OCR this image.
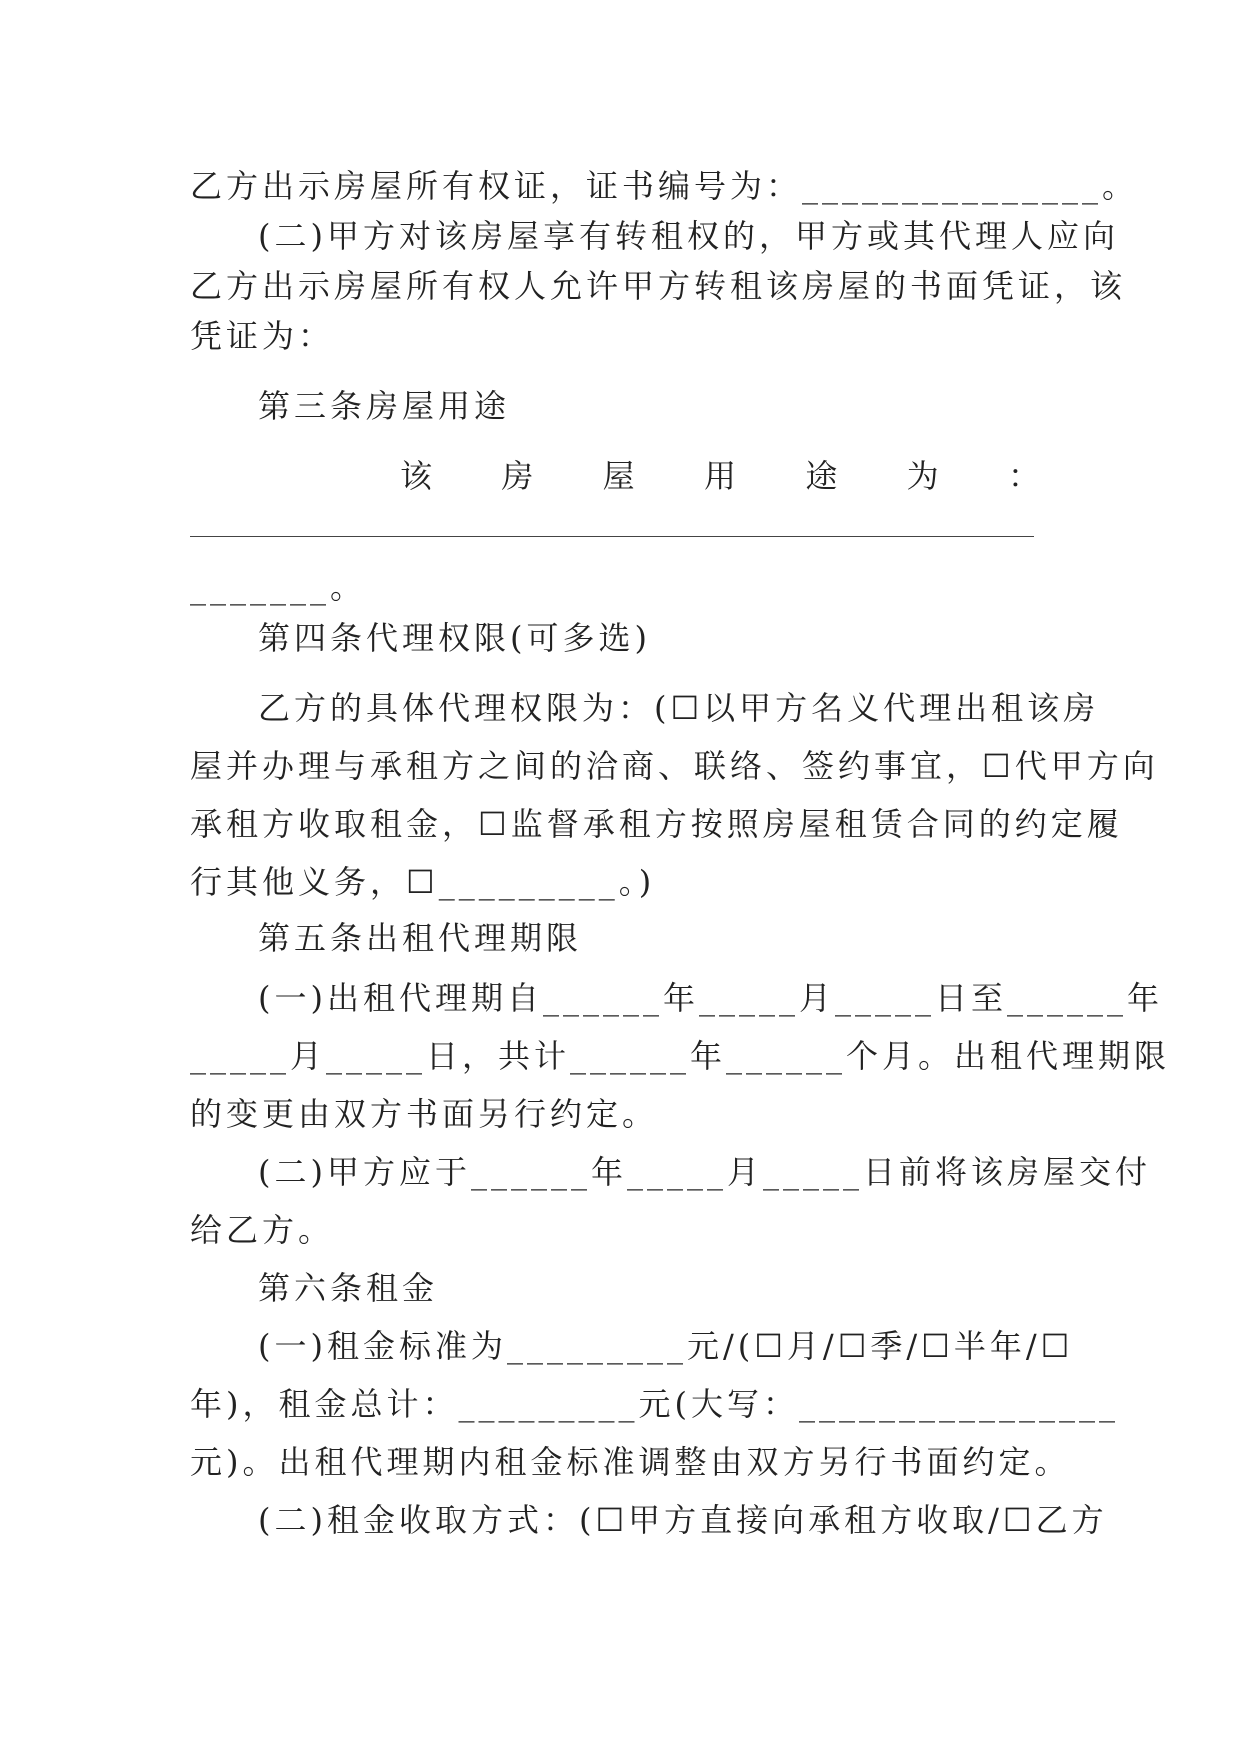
乙方出示房屋所有权证，证书编号为：_______________。
(二)甲方对该房屋享有转租权的，甲方或其代理人应向
乙方出示房屋所有权人允许甲方转租该房屋的书面凭证，该
凭证为：
第三条房屋用途
该 房 屋 用 途 为 ：
_______。
第四条代理权限(可多选)
乙方的具体代理权限为：(☐以甲方名义代理出租该房
屋并办理与承租方之间的洽商、联络、签约事宜，☐代甲方向
承租方收取租金，☐监督承租方按照房屋租赁合同的约定履
行其他义务，☐_________。)
第五条出租代理期限
(一)出租代理期自______年_____月_____日至______年
_____月_____日，共计______年______个月。出租代理期限
的变更由双方书面另行约定。
(二)甲方应于______年_____月_____日前将该房屋交付
给乙方。
第六条租金
(一)租金标准为_________元/(☐月/☐季/☐半年/☐
年)，租金总计：_________元(大写：________________
元)。出租代理期内租金标准调整由双方另行书面约定。
(二)租金收取方式：(☐甲方直接向承租方收取/☐乙方
